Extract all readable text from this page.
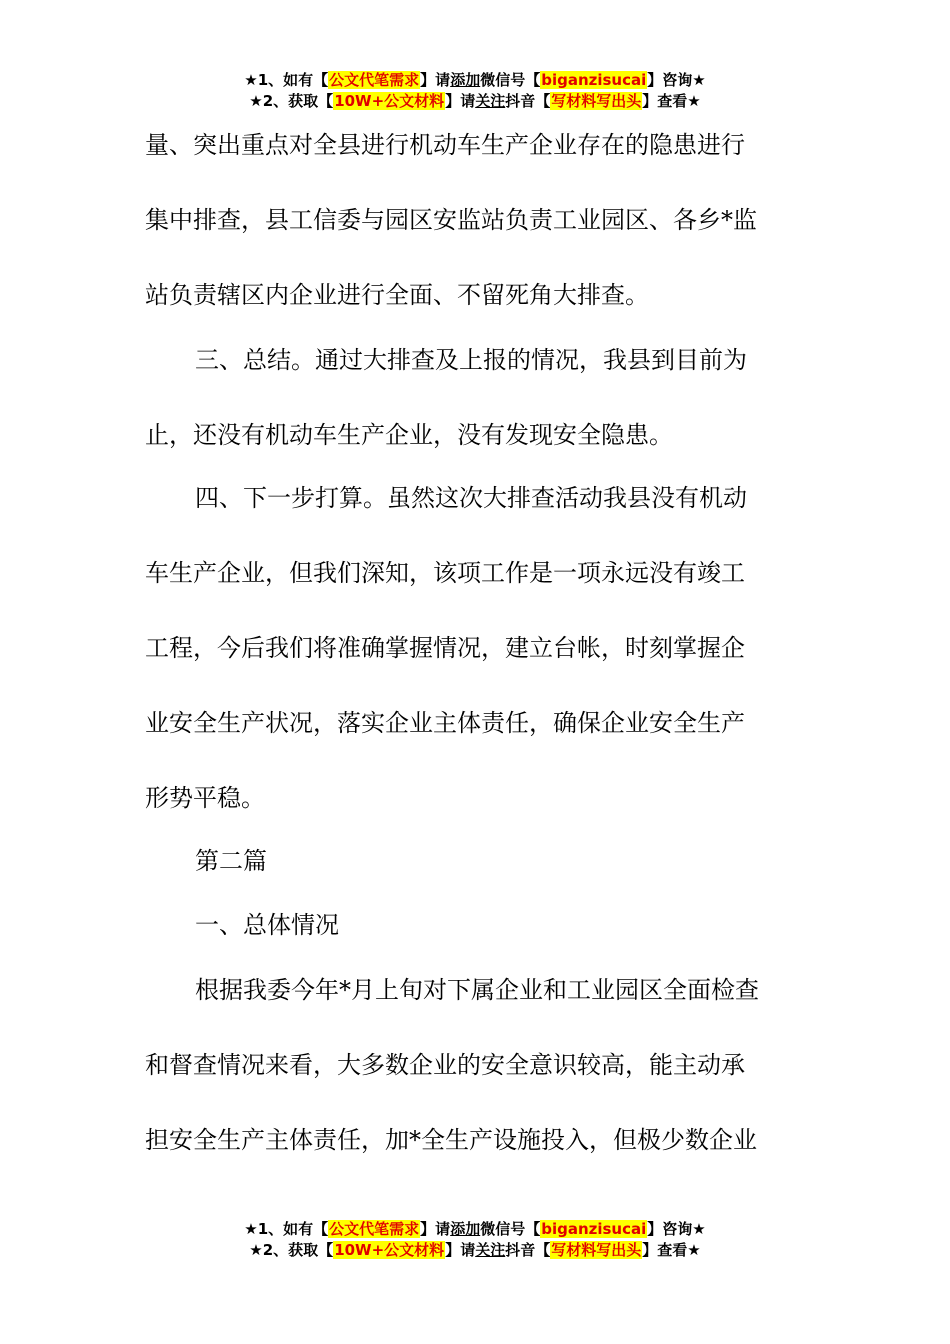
★1、如有【公文代笔需求】请添加微信号【biganzisucai】咨询★
★2、获取【10W+公文材料】请关注抖音【写材料写出头】查看★
量、突出重点对全县进行机动车生产企业存在的隐患进行
集中排查，县工信委与园区安监站负责工业园区、各乡*监
站负责辖区内企业进行全面、不留死角大排查。
三、总结。通过大排查及上报的情况，我县到目前为
止，还没有机动车生产企业，没有发现安全隐患。
四、下一步打算。虽然这次大排查活动我县没有机动
车生产企业，但我们深知，该项工作是一项永远没有竣工
工程，今后我们将准确掌握情况，建立台帐，时刻掌握企
业安全生产状况，落实企业主体责任，确保企业安全生产
形势平稳。
第二篇
一、总体情况
根据我委今年*月上旬对下属企业和工业园区全面检查
和督查情况来看，大多数企业的安全意识较高，能主动承
担安全生产主体责任，加*全生产设施投入，但极少数企业
★1、如有【公文代笔需求】请添加微信号【biganzisucai】咨询★
★2、获取【10W+公文材料】请关注抖音【写材料写出头】查看★
